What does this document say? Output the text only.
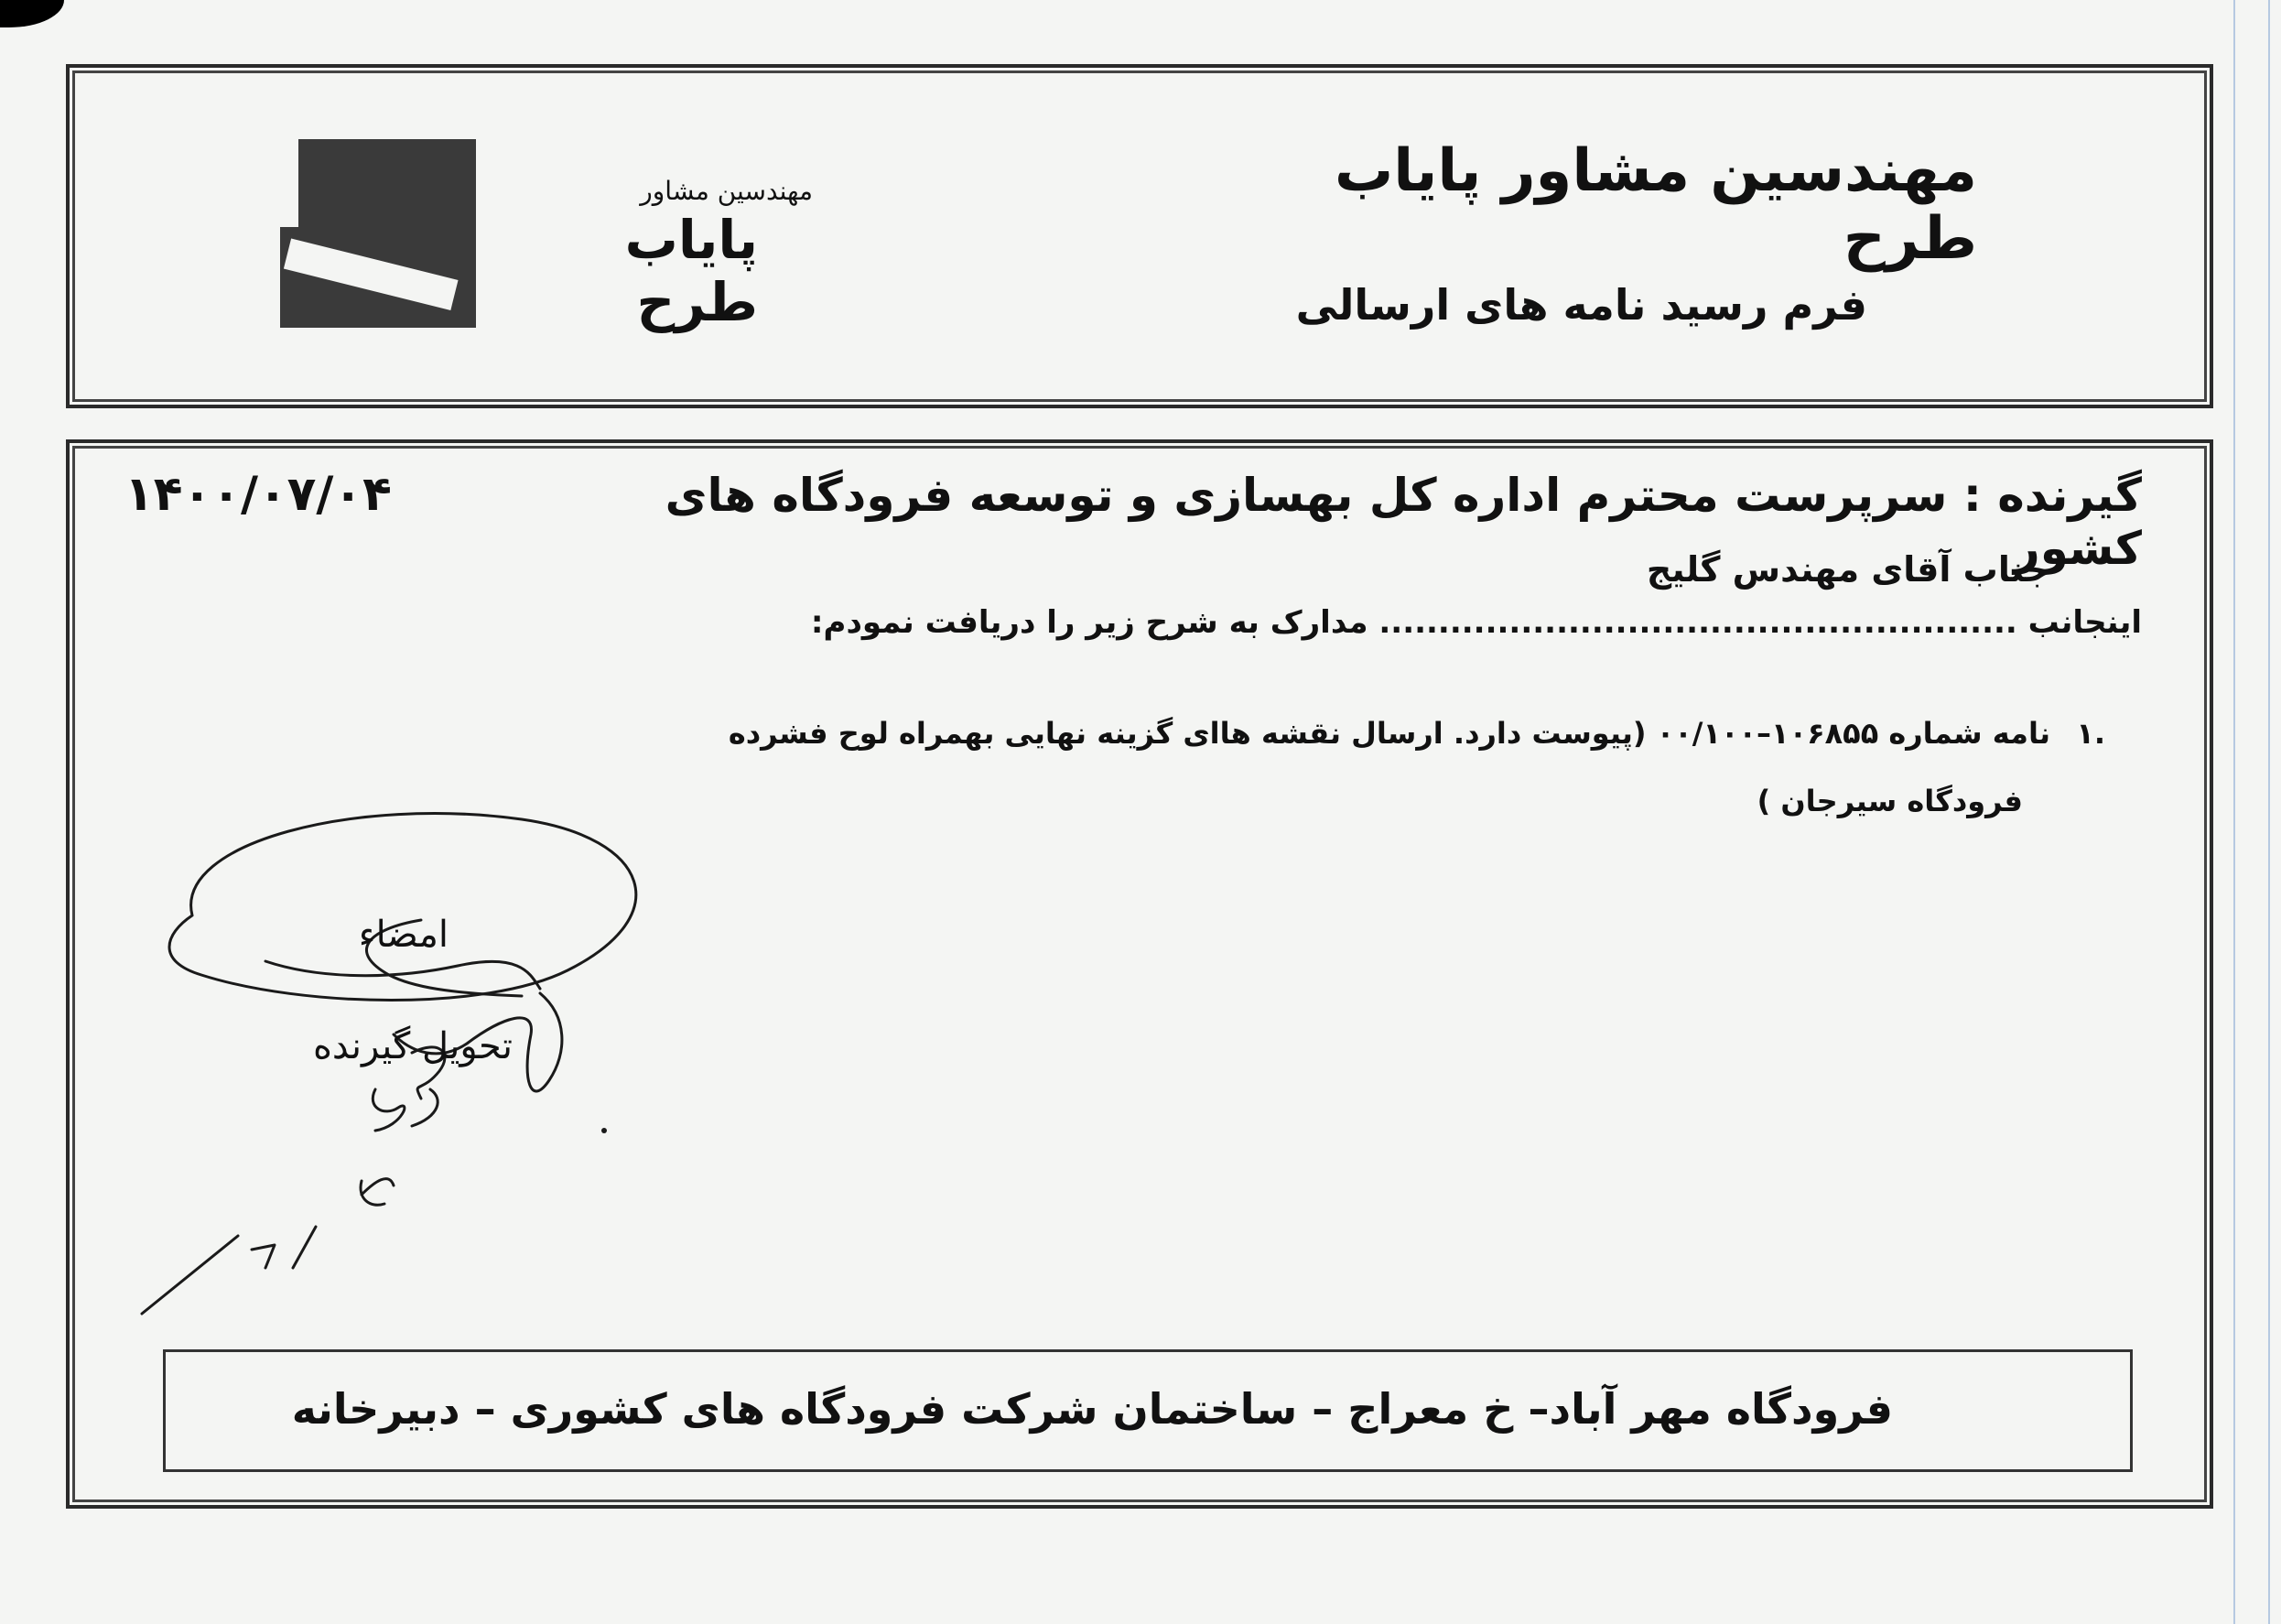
مهندسین مشاور
پایاب طرح
مهندسین مشاور پایاب طرح
فرم رسید نامه های ارسالی
۱۴۰۰/۰۷/۰۴	گیرنده : سرپرست محترم اداره کل بهسازی و توسعه فرودگاه های کشور
جناب آقای مهندس گلیج
اینجانب ...................................................... مدارک به شرح زیر را دریافت نمودم:
۱.
نامه شماره ۱۰۶۸۵۵–۰۰/۱۰۰ (پیوست دارد. ارسال نقشه هاای گزینه نهایی بهمراه لوح فشرده
فرودگاه سیرجان )
۷/۴ /
امضاء
تحویل گیرنده
فرودگاه مهر آباد– خ معراج – ساختمان شرکت فرودگاه های کشوری – دبیرخانه
